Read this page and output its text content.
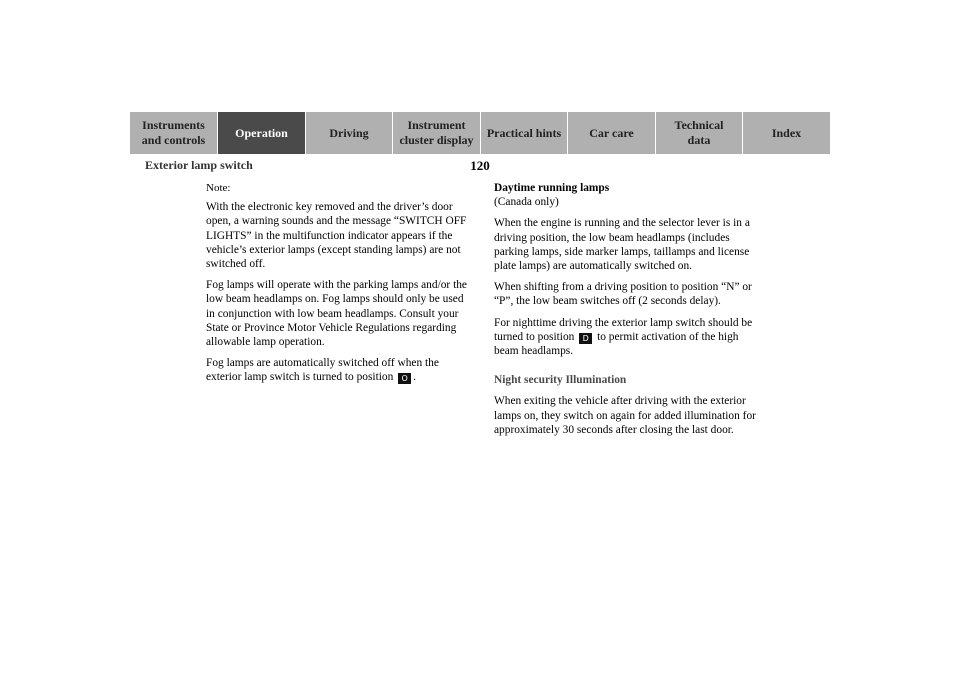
Instruments
and controls
Operation	Driving
Instrument
cluster display
Practical hints Car care
Technical
data
Index
120
Exterior lamp switch

Note:

With the electronic key removed and the driver’s door open, a warning sounds and the message “SWITCH OFF LIGHTS” in the multifunction indicator appears if the vehicle’s exterior lamps (except standing lamps) are not switched off.

Fog lamps will operate with the parking lamps and/or the low beam headlamps on. Fog lamps should only be used in conjunction with low beam headlamps. Consult your State or Province Motor Vehicle Regulations regarding allowable lamp operation.

Fog lamps are automatically switched off when the exterior lamp switch is turned to position O .

Daytime running lamps

(Canada only)

When the engine is running and the selector lever is in a driving position, the low beam headlamps (includes parking lamps, side marker lamps, taillamps and license plate lamps) are automatically switched on.

When shifting from a driving position to position “N” or “P”, the low beam switches off (2 seconds delay).

For nighttime driving the exterior lamp switch should be turned to position D to permit activation of the high beam headlamps.

Night security Illumination

When exiting the vehicle after driving with the exterior lamps on, they switch on again for added illumination for approximately 30 seconds after closing the last door.
